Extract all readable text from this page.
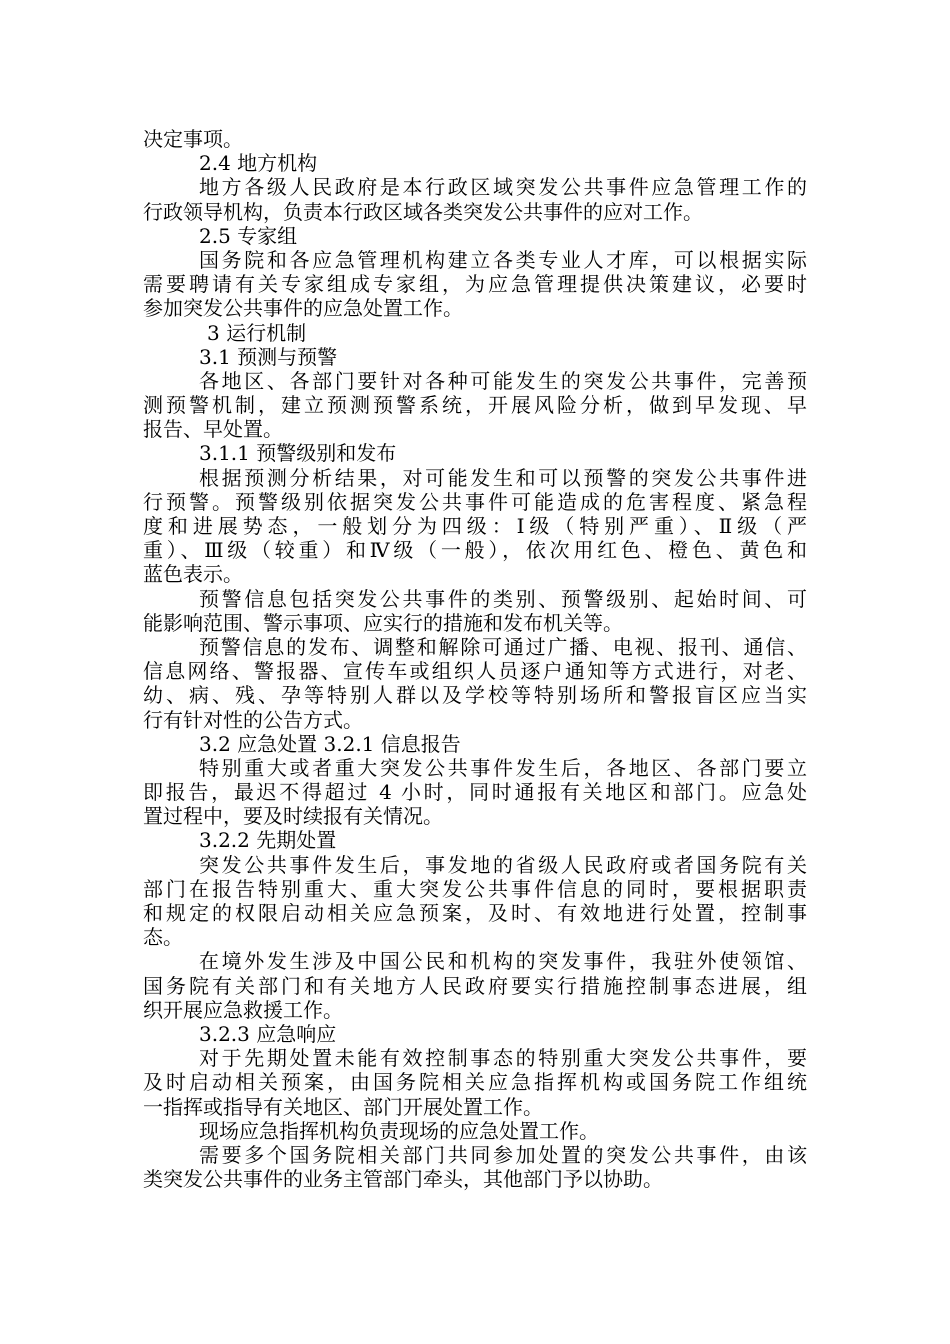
决定事项。
2.4 地方机构
地方各级人民政府是本行政区域突发公共事件应急管理工作的
行政领导机构，负责本行政区域各类突发公共事件的应对工作。
2.5 专家组
国务院和各应急管理机构建立各类专业人才库，可以根据实际
需要聘请有关专家组成专家组，为应急管理提供决策建议，必要时
参加突发公共事件的应急处置工作。
3 运行机制
3.1 预测与预警
各地区、各部门要针对各种可能发生的突发公共事件，完善预
测预警机制，建立预测预警系统，开展风险分析，做到早发现、早
报告、早处置。
3.1.1 预警级别和发布
根据预测分析结果，对可能发生和可以预警的突发公共事件进
行预警。预警级别依据突发公共事件可能造成的危害程度、紧急程
度和进展势态，一般划分为四级：Ⅰ级（特别严重）、Ⅱ级（严
重）、Ⅲ级（较重）和Ⅳ级（一般），依次用红色、橙色、黄色和
蓝色表示。
预警信息包括突发公共事件的类别、预警级别、起始时间、可
能影响范围、警示事项、应实行的措施和发布机关等。
预警信息的发布、调整和解除可通过广播、电视、报刊、通信、
信息网络、警报器、宣传车或组织人员逐户通知等方式进行，对老、
幼、病、残、孕等特别人群以及学校等特别场所和警报盲区应当实
行有针对性的公告方式。
3.2 应急处置 3.2.1 信息报告
特别重大或者重大突发公共事件发生后，各地区、各部门要立
即报告，最迟不得超过 4 小时，同时通报有关地区和部门。应急处
置过程中，要及时续报有关情况。
3.2.2 先期处置
突发公共事件发生后，事发地的省级人民政府或者国务院有关
部门在报告特别重大、重大突发公共事件信息的同时，要根据职责
和规定的权限启动相关应急预案，及时、有效地进行处置，控制事
态。
在境外发生涉及中国公民和机构的突发事件，我驻外使领馆、
国务院有关部门和有关地方人民政府要实行措施控制事态进展，组
织开展应急救援工作。
3.2.3 应急响应
对于先期处置未能有效控制事态的特别重大突发公共事件，要
及时启动相关预案，由国务院相关应急指挥机构或国务院工作组统
一指挥或指导有关地区、部门开展处置工作。
现场应急指挥机构负责现场的应急处置工作。
需要多个国务院相关部门共同参加处置的突发公共事件，由该
类突发公共事件的业务主管部门牵头，其他部门予以协助。
